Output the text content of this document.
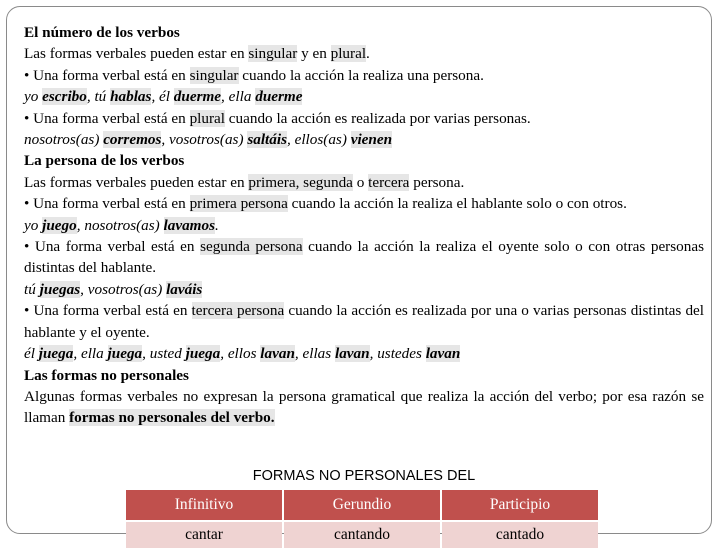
El número de los verbos

Las formas verbales pueden estar en singular y en plural.

• Una forma verbal está en singular cuando la acción la realiza una persona.

yo escribo, tú hablas, él duerme, ella duerme

• Una forma verbal está en plural cuando la acción es realizada por varias personas.

nosotros(as) corremos, vosotros(as) saltáis, ellos(as) vienen

La persona de los verbos

Las formas verbales pueden estar en primera, segunda o tercera persona.

• Una forma verbal está en primera persona cuando la acción la realiza el hablante solo o con otros.

yo juego, nosotros(as) lavamos.

• Una forma verbal está en segunda persona cuando la acción la realiza el oyente solo o con otras personas distintas del hablante.

tú juegas, vosotros(as) laváis

• Una forma verbal está en tercera persona cuando la acción es realizada por una o varias personas distintas del hablante y el oyente.

él juega, ella juega, usted juega, ellos lavan, ellas lavan, ustedes lavan

Las formas no personales

Algunas formas verbales no expresan la persona gramatical que realiza la acción del verbo; por esa razón se llaman formas no personales del verbo.

FORMAS NO PERSONALES DEL
Infinitivo	Gerundio	Participio
cantar	cantando	cantado
